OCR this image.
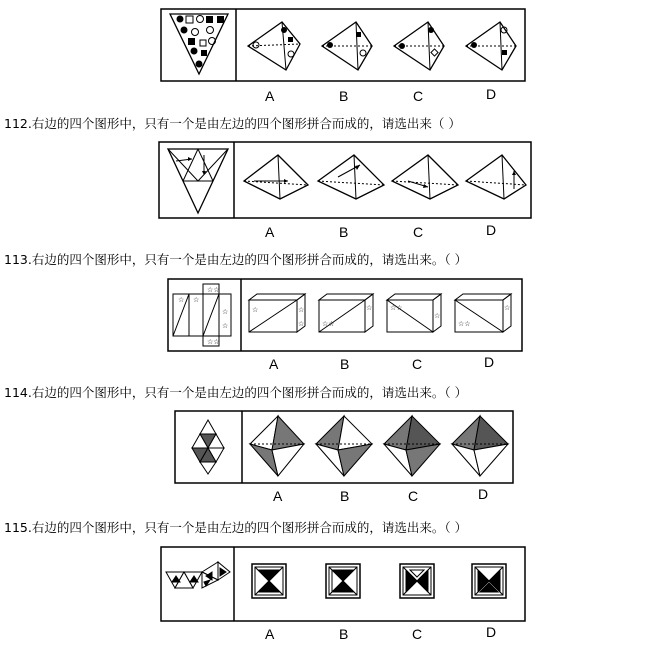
A	B	C	D
112.右边的四个图形中，只有一个是由左边的四个图形拼合而成的，请选出来（ ）
A	B	C	D
113.右边的四个图形中，只有一个是由左边的四个图形拼合而成的，请选出来。（ ）
☆ ☆
☆☆
☆☆
☆
☆
☆	☆
☆	☆☆
☆	☆☆
☆
☆☆
☆
A	B	C	D
114.右边的四个图形中，只有一个是由左边的四个图形拼合而成的，请选出来。（ ）
A	B	C	D
115.右边的四个图形中，只有一个是由左边的四个图形拼合而成的，请选出来。（ ）
A	B	C	D
